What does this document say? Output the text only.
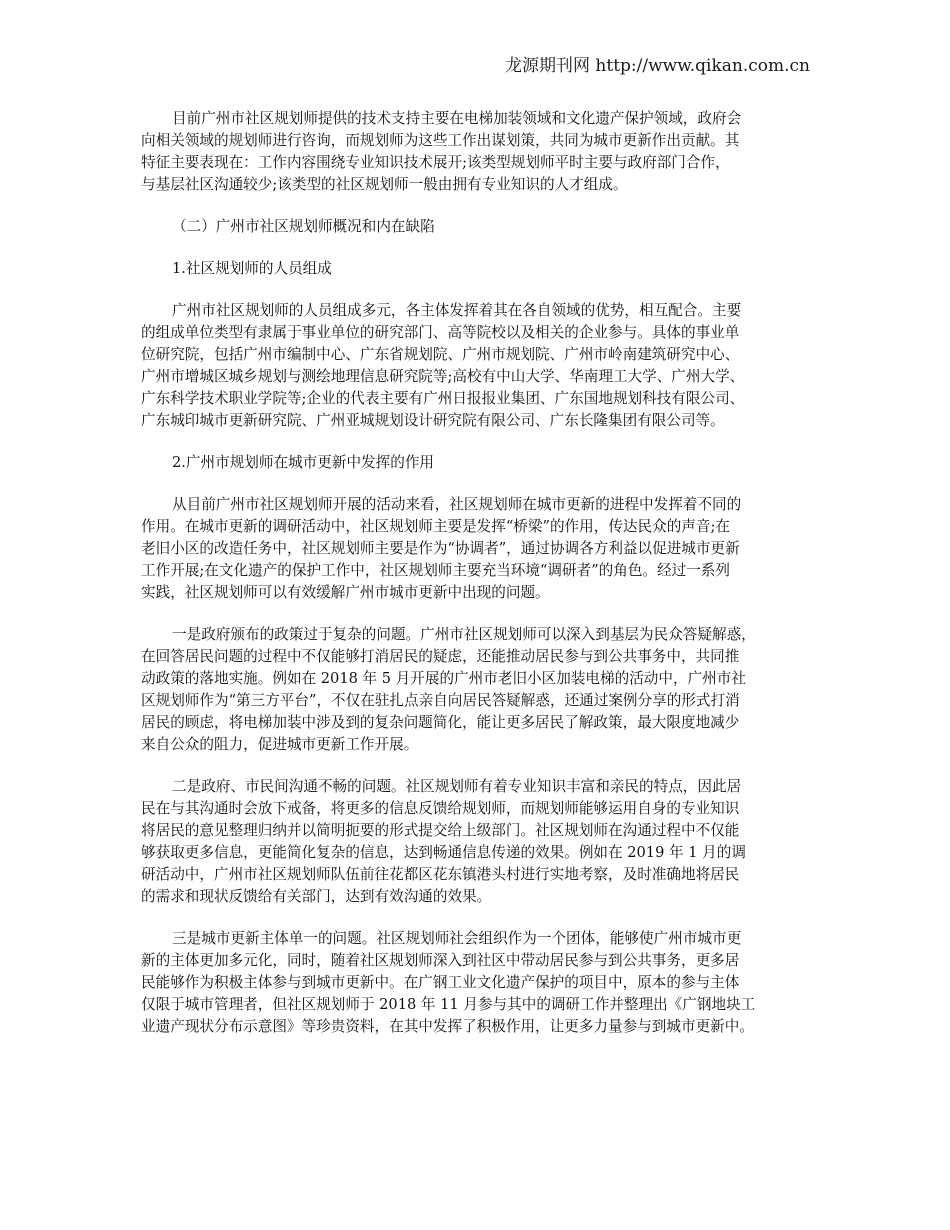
龙源期刊网 http://www.qikan.com.cn
目前广州市社区规划师提供的技术支持主要在电梯加装领域和文化遗产保护领域，政府会
向相关领域的规划师进行咨询，而规划师为这些工作出谋划策，共同为城市更新作出贡献。其
特征主要表现在：工作内容围绕专业知识技术展开;该类型规划师平时主要与政府部门合作，
与基层社区沟通较少;该类型的社区规划师一般由拥有专业知识的人才组成。
（二）广州市社区规划师概况和内在缺陷
1.社区规划师的人员组成
广州市社区规划师的人员组成多元，各主体发挥着其在各自领域的优势，相互配合。主要
的组成单位类型有隶属于事业单位的研究部门、高等院校以及相关的企业参与。具体的事业单
位研究院，包括广州市编制中心、广东省规划院、广州市规划院、广州市岭南建筑研究中心、
广州市增城区城乡规划与测绘地理信息研究院等;高校有中山大学、华南理工大学、广州大学、
广东科学技术职业学院等;企业的代表主要有广州日报报业集团、广东国地规划科技有限公司、
广东城印城市更新研究院、广州亚城规划设计研究院有限公司、广东长隆集团有限公司等。
2.广州市规划师在城市更新中发挥的作用
从目前广州市社区规划师开展的活动来看，社区规划师在城市更新的进程中发挥着不同的
作用。在城市更新的调研活动中，社区规划师主要是发挥“桥梁”的作用，传达民众的声音;在
老旧小区的改造任务中，社区规划师主要是作为“协调者”，通过协调各方利益以促进城市更新
工作开展;在文化遗产的保护工作中，社区规划师主要充当环境“调研者”的角色。经过一系列
实践，社区规划师可以有效缓解广州市城市更新中出现的问题。
一是政府颁布的政策过于复杂的问题。广州市社区规划师可以深入到基层为民众答疑解惑，
在回答居民问题的过程中不仅能够打消居民的疑虑，还能推动居民参与到公共事务中，共同推
动政策的落地实施。例如在 2018 年 5 月开展的广州市老旧小区加装电梯的活动中，广州市社
区规划师作为“第三方平台”，不仅在驻扎点亲自向居民答疑解惑，还通过案例分享的形式打消
居民的顾虑，将电梯加装中涉及到的复杂问题简化，能让更多居民了解政策，最大限度地减少
来自公众的阻力，促进城市更新工作开展。
二是政府、市民间沟通不畅的问题。社区规划师有着专业知识丰富和亲民的特点，因此居
民在与其沟通时会放下戒备，将更多的信息反馈给规划师，而规划师能够运用自身的专业知识
将居民的意见整理归纳并以简明扼要的形式提交给上级部门。社区规划师在沟通过程中不仅能
够获取更多信息，更能简化复杂的信息，达到畅通信息传递的效果。例如在 2019 年 1 月的调
研活动中，广州市社区规划师队伍前往花都区花东镇港头村进行实地考察，及时准确地将居民
的需求和现状反馈给有关部门，达到有效沟通的效果。
三是城市更新主体单一的问题。社区规划师社会组织作为一个团体，能够使广州市城市更
新的主体更加多元化，同时，随着社区规划师深入到社区中带动居民参与到公共事务，更多居
民能够作为积极主体参与到城市更新中。在广钢工业文化遗产保护的项目中，原本的参与主体
仅限于城市管理者，但社区规划师于 2018 年 11 月参与其中的调研工作并整理出《广钢地块工
业遗产现状分布示意图》等珍贵资料，在其中发挥了积极作用，让更多力量参与到城市更新中。
